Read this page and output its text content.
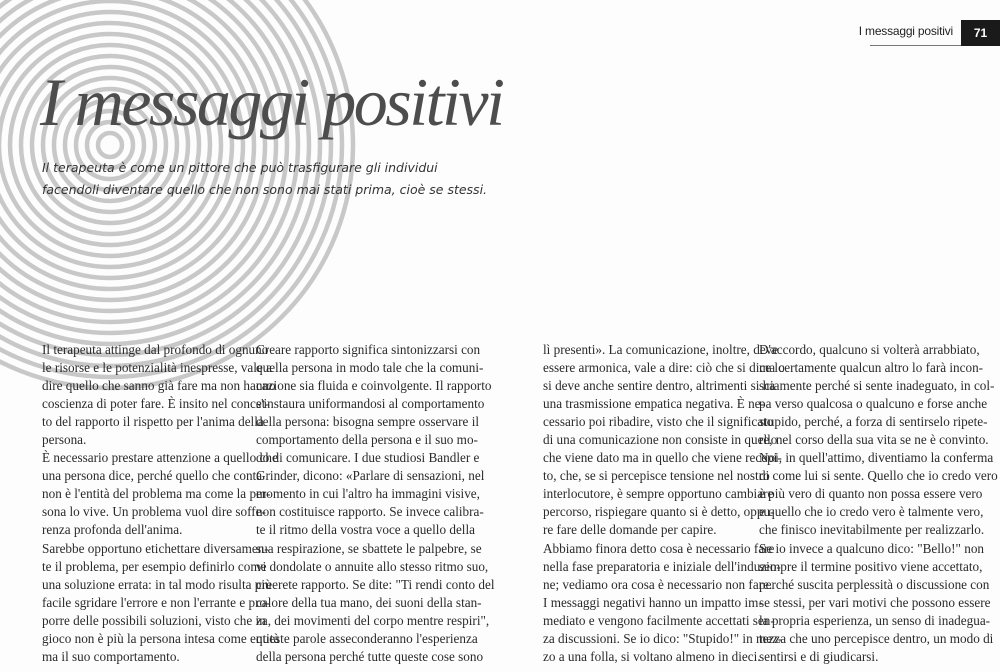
I messaggi positivi	71
I messaggi positivi
Il terapeuta è come un pittore che può trasfigurare gli individui
facendoli diventare quello che non sono mai stati prima, cioè se stessi.
Il terapeuta attinge dal profondo di ognuno
le risorse e le potenzialità inespresse, vale a
dire quello che sanno già fare ma non hanno
coscienza di poter fare. È insito nel concet-
to del rapporto il rispetto per l'anima della
persona.
È necessario prestare attenzione a quello che
una persona dice, perché quello che conta
non è l'entità del problema ma come la per-
sona lo vive. Un problema vuol dire soffe-
renza profonda dell'anima.
Sarebbe opportuno etichettare diversamen-
te il problema, per esempio definirlo come
una soluzione errata: in tal modo risulta più
facile sgridare l'errore e non l'errante e pro-
porre delle possibili soluzioni, visto che in
gioco non è più la persona intesa come entità
ma il suo comportamento.
Creare rapporto significa sintonizzarsi con
quella persona in modo tale che la comuni-
cazione sia fluida e coinvolgente. Il rapporto
s'instaura uniformandosi al comportamento
della persona: bisogna sempre osservare il
comportamento della persona e il suo mo-
do di comunicare. I due studiosi Bandler e
Grinder, dicono: «Parlare di sensazioni, nel
momento in cui l'altro ha immagini visive,
non costituisce rapporto. Se invece calibra-
te il ritmo della vostra voce a quello della
sua respirazione, se sbattete le palpebre, se
vi dondolate o annuite allo stesso ritmo suo,
creerete rapporto. Se dite: "Ti rendi conto del
calore della tua mano, dei suoni della stan-
za, dei movimenti del corpo mentre respiri",
queste parole asseconderanno l'esperienza
della persona perché tutte queste cose sono
lì presenti». La comunicazione, inoltre, deve
essere armonica, vale a dire: ciò che si dice lo
si deve anche sentire dentro, altrimenti si ha
una trasmissione empatica negativa. È ne-
cessario poi ribadire, visto che il significato
di una comunicazione non consiste in quello
che viene dato ma in quello che viene recepi-
to, che, se si percepisce tensione nel nostro
interlocutore, è sempre opportuno cambiare
percorso, rispiegare quanto si è detto, oppu-
re fare delle domande per capire.
Abbiamo finora detto cosa è necessario fare
nella fase preparatoria e iniziale dell'induzio-
ne; vediamo ora cosa è necessario non fare.
I messaggi negativi hanno un impatto im-
mediato e vengono facilmente accettati sen-
za discussioni. Se io dico: "Stupido!" in mez-
zo a una folla, si voltano almeno in dieci.
D'accordo, qualcuno si volterà arrabbiato,
ma certamente qualcun altro lo farà incon-
sciamente perché si sente inadeguato, in col-
pa verso qualcosa o qualcuno e forse anche
stupido, perché, a forza di sentirselo ripete-
re, nel corso della sua vita se ne è convinto.
Noi, in quell'attimo, diventiamo la conferma
di come lui si sente. Quello che io credo vero
è più vero di quanto non possa essere vero
e quello che io credo vero è talmente vero,
che finisco inevitabilmente per realizzarlo.
Se io invece a qualcuno dico: "Bello!" non
sempre il termine positivo viene accettato,
perché suscita perplessità o discussione con
se stessi, per vari motivi che possono essere
la propria esperienza, un senso di inadegua-
tezza che uno percepisce dentro, un modo di
sentirsi e di giudicarsi.
